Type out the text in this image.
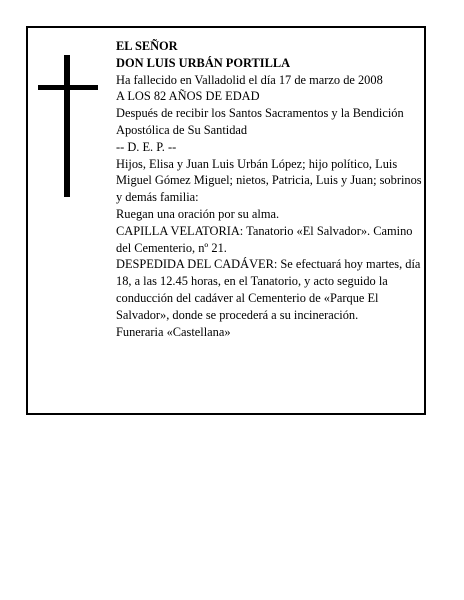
EL SEÑOR
DON LUIS URBÁN PORTILLA
Ha fallecido en Valladolid el día 17 de marzo de 2008
A LOS 82 AÑOS DE EDAD
Después de recibir los Santos Sacramentos y la Bendición Apostólica de Su Santidad
-- D. E. P. --
Hijos, Elisa y Juan Luis Urbán López; hijo político, Luis Miguel Gómez Miguel; nietos, Patricia, Luis y Juan; sobrinos y demás familia:
Ruegan una oración por su alma.
CAPILLA VELATORIA: Tanatorio «El Salvador». Camino del Cementerio, nº 21.
DESPEDIDA DEL CADÁVER: Se efectuará hoy martes, día 18, a las 12.45 horas, en el Tanatorio, y acto seguido la conducción del cadáver al Cementerio de «Parque El Salvador», donde se procederá a su incineración.
Funeraria «Castellana»
